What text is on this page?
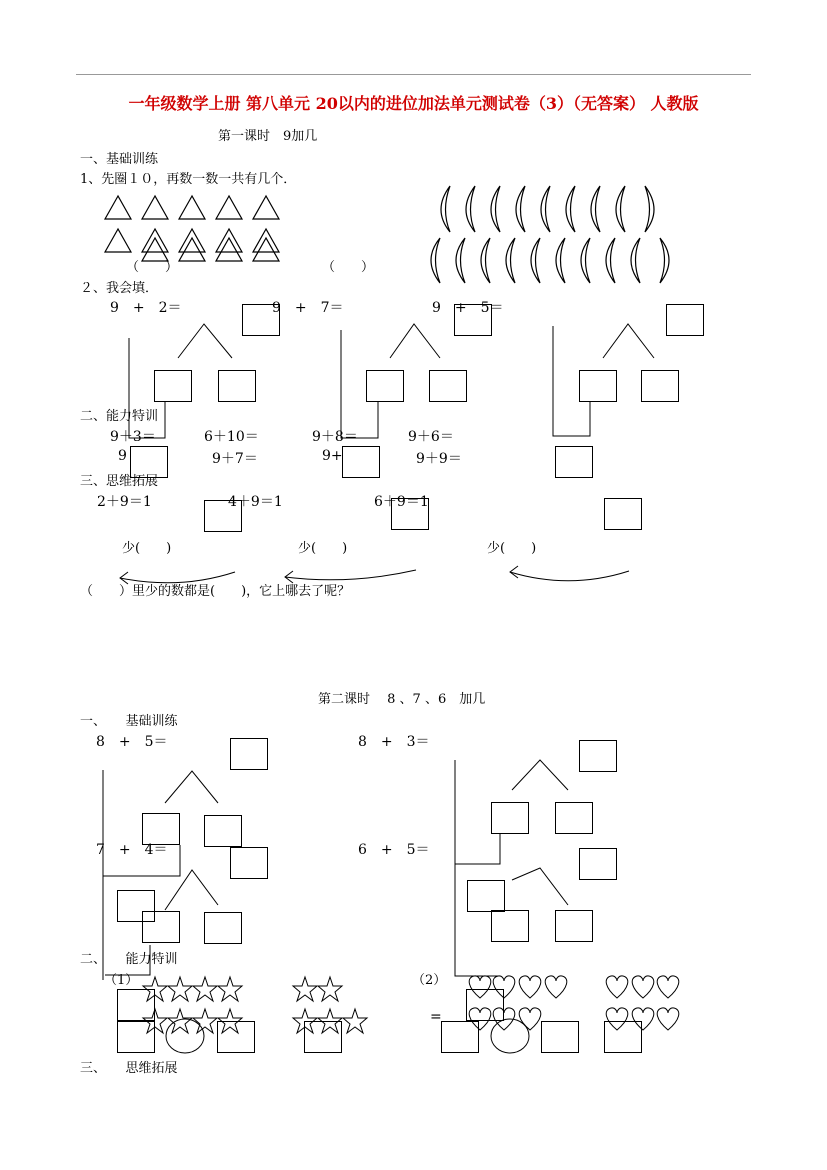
一年级数学上册 第八单元 20以内的进位加法单元测试卷（3）（无答案） 人教版
第一课时　9加几
一、基础训练
1、先圈１０，再数一数一共有几个．
（　　）	（　　）
２、我会填．
9　+　2＝	9　+　7＝	9　+　5＝
二、能力特训
9＋3＝	6＋10＝	9＋8＝	9＋6＝
9	9＋7＝	9+	9＋9＝
三、思维拓展
2＋9＝1	4＋9＝1	6＋9＝1
少(　　)	少(　　)	少(　　)
（　　）里少的数都是(　　)，它上哪去了呢？
第二课时　 8 、7 、6　加几
一、　　基础训练
8　+　5＝	8　+　3＝
7　+　4＝	6　+　5＝
二、　　能力特训
（1）	（2）
=
三、　　思维拓展
